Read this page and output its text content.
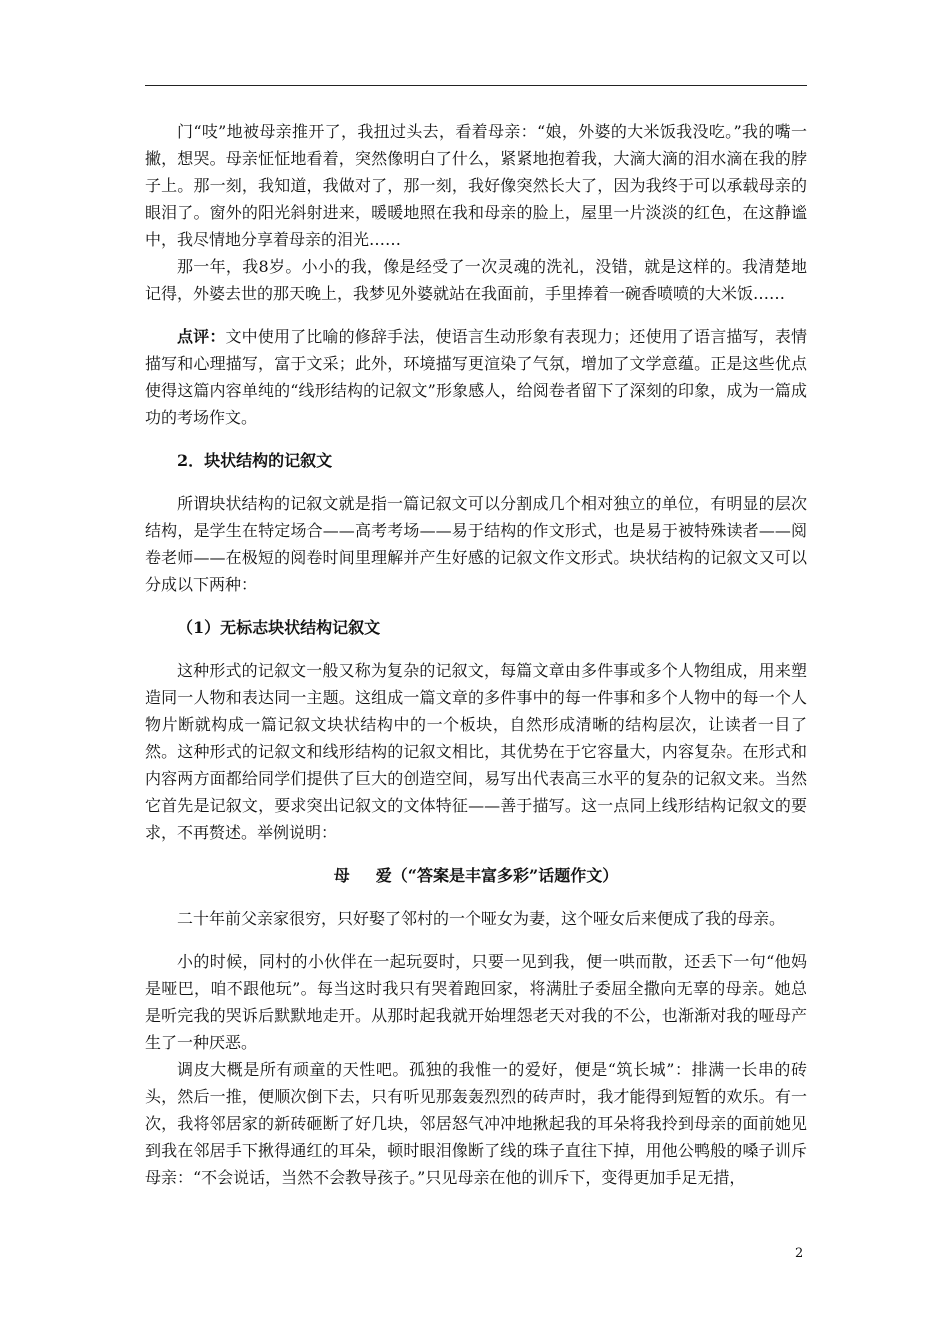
门“吱”地被母亲推开了，我扭过头去，看着母亲：“娘，外婆的大米饭我没吃。”我的嘴一撇，想哭。母亲怔怔地看着，突然像明白了什么，紧紧地抱着我，大滴大滴的泪水滴在我的脖子上。那一刻，我知道，我做对了，那一刻，我好像突然长大了，因为我终于可以承载母亲的眼泪了。窗外的阳光斜射进来，暖暖地照在我和母亲的脸上，屋里一片淡淡的红色，在这静谧中，我尽情地分享着母亲的泪光……

那一年，我8岁。小小的我，像是经受了一次灵魂的洗礼，没错，就是这样的。我清楚地记得，外婆去世的那天晚上，我梦见外婆就站在我面前，手里捧着一碗香喷喷的大米饭……

点评：文中使用了比喻的修辞手法，使语言生动形象有表现力；还使用了语言描写，表情描写和心理描写，富于文采；此外，环境描写更渲染了气氛，增加了文学意蕴。正是这些优点使得这篇内容单纯的“线形结构的记叙文”形象感人，给阅卷者留下了深刻的印象，成为一篇成功的考场作文。

2．块状结构的记叙文

所谓块状结构的记叙文就是指一篇记叙文可以分割成几个相对独立的单位，有明显的层次结构，是学生在特定场合——高考考场——易于结构的作文形式，也是易于被特殊读者——阅卷老师——在极短的阅卷时间里理解并产生好感的记叙文作文形式。块状结构的记叙文又可以分成以下两种：

（1）无标志块状结构记叙文

这种形式的记叙文一般又称为复杂的记叙文，每篇文章由多件事或多个人物组成，用来塑造同一人物和表达同一主题。这组成一篇文章的多件事中的每一件事和多个人物中的每一个人物片断就构成一篇记叙文块状结构中的一个板块，自然形成清晰的结构层次，让读者一目了然。这种形式的记叙文和线形结构的记叙文相比，其优势在于它容量大，内容复杂。在形式和内容两方面都给同学们提供了巨大的创造空间，易写出代表高三水平的复杂的记叙文来。当然它首先是记叙文，要求突出记叙文的文体特征——善于描写。这一点同上线形结构记叙文的要求，不再赘述。举例说明：

母 爱（“答案是丰富多彩”话题作文）

二十年前父亲家很穷，只好娶了邻村的一个哑女为妻，这个哑女后来便成了我的母亲。

小的时候，同村的小伙伴在一起玩耍时，只要一见到我，便一哄而散，还丢下一句“他妈是哑巴，咱不跟他玩”。每当这时我只有哭着跑回家，将满肚子委屈全撒向无辜的母亲。她总是听完我的哭诉后默默地走开。从那时起我就开始埋怨老天对我的不公，也渐渐对我的哑母产生了一种厌恶。

调皮大概是所有顽童的天性吧。孤独的我惟一的爱好，便是“筑长城”：排满一长串的砖头，然后一推，便顺次倒下去，只有听见那轰轰烈烈的砖声时，我才能得到短暂的欢乐。有一次，我将邻居家的新砖砸断了好几块，邻居怒气冲冲地揪起我的耳朵将我拎到母亲的面前她见到我在邻居手下揪得通红的耳朵，顿时眼泪像断了线的珠子直往下掉，用他公鸭般的嗓子训斥母亲：“不会说话，当然不会教导孩子。”只见母亲在他的训斥下，变得更加手足无措，

2
